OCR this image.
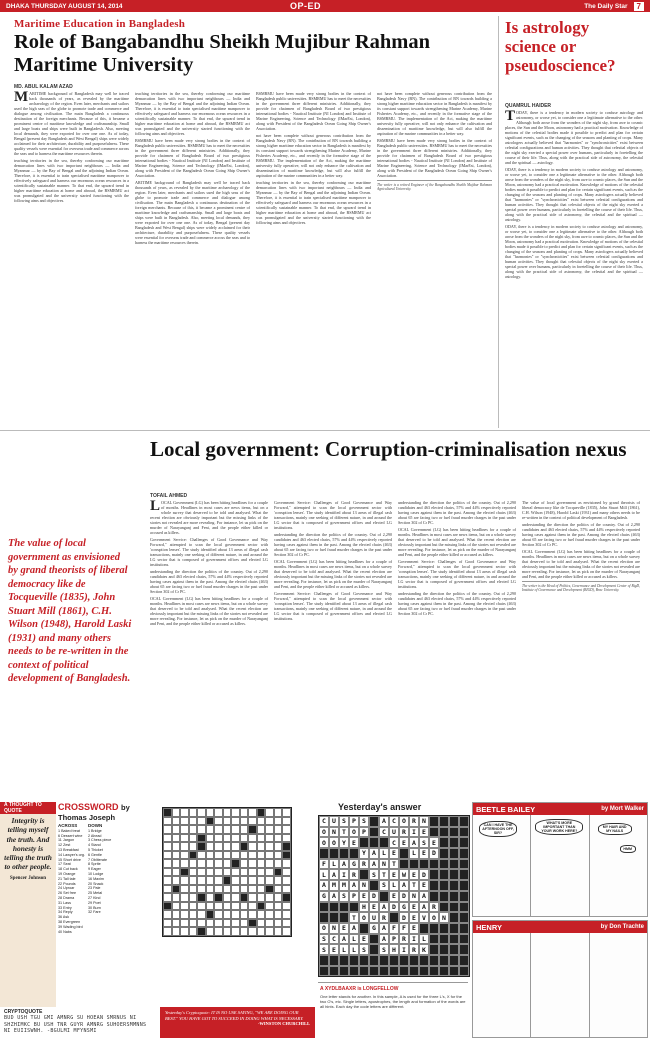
DHAKA THURSDAY AUGUST 14, 2014	OP-ED	The Daily Star	7
Maritime Education in Bangladesh
Role of Bangabandhu Sheikh Mujibur Rahman Maritime University
MD. ABUL KALAM AZAD
MARITIME background of Bangladesh may well be traced back thousands of years, as revealed by the maritime archaeology of the region. Even later, merchants and sailors used the high seas of the globe to promote trade and commerce and dialogue among civilisation. The main Bangladesh a continuous destination of the foreign merchants. Because of this, it became a prominent centre of maritime knowledge and craftsmanship. Small and large boats and ships were built in Bangladesh. Also, meeting local demands, they were exported for over one one. As of today, Bengal (present day Bangladesh and West Bengal) ships were widely acclaimed for their architecture, durability and purposefulness. These quality vessels were essential for overseas trade and commerce across the seas and to harness the maritime resources therein.

teaching territories in the sea, thereby conforming our maritime demarcation lines with two important neighbours — India and Myanmar — by the Bay of Bengal and the adjoining Indian Ocean. Therefore, it is essential to train specialised maritime manpower to effectively safeguard and harness our enormous ocean resources in a scientifically sustainable manner. To that end, the upward trend in higher maritime education at home and abroad, the BSMRMU act was promulgated and the university started functioning with the following aims and objectives.

teaching territories in the sea, thereby conforming our maritime demarcation lines with two important neighbours — India and Myanmar — by the Bay of Bengal and the adjoining Indian Ocean. Therefore, it is essential to train specialised maritime manpower to effectively safeguard and harness our enormous ocean resources in a scientifically sustainable manner. To that end, the upward trend in higher maritime education at home and abroad, the BSMRMU act was promulgated and the university started functioning with the following aims and objectives.

BSMRMU have been made very strong bodies in the context of Bangladesh public universities. BSMRMU has to meet the necessities in the government three different ministries. Additionally, they provide for chairmen of Bangladesh Board of two prestigious international bodies - Nautical Institute (NI London) and Institute of Marine Engineering, Science and Technology (IMarEst, London), along with President of the Bangladesh Ocean Going Ship Owner's Association.

ARITIME background of Bangladesh may well be traced back thousands of years, as revealed by the maritime archaeology of the region. Even later, merchants and sailors used the high seas of the globe to promote trade and commerce and dialogue among civilisation. The main Bangladesh a continuous destination of the foreign merchants. Because of this, it became a prominent centre of maritime knowledge and craftsmanship. Small and large boats and ships were built in Bangladesh. Also, meeting local demands, they were exported for over one one. As of today, Bengal (present day Bangladesh and West Bengal) ships were widely acclaimed for their architecture, durability and purposefulness. These quality vessels were essential for overseas trade and commerce across the seas and to harness the maritime resources therein.

BSMRMU have been made very strong bodies in the context of Bangladesh public universities. BSMRMU has to meet the necessities in the government three different ministries. Additionally, they provide for chairmen of Bangladesh Board of two prestigious international bodies - Nautical Institute (NI London) and Institute of Marine Engineering, Science and Technology (IMarEst, London), along with President of the Bangladesh Ocean Going Ship Owner's Association.

not have been complete without generous contribution from the Bangladesh Navy (BN). The contribution of BN towards building a strong higher maritime education sector in Bangladesh is manifest by its constant support towards strengthening Marine Academy, Marine Fisheries Academy, etc., and recently in the formative stage of the BSMRMU. The implementation of the Act, making the maritime university fully operative, will not only enhance the cultivation and dissemination of maritime knowledge, but will also fulfill the aspiration of the marine communities in a better way.

teaching territories in the sea, thereby conforming our maritime demarcation lines with two important neighbours — India and Myanmar — by the Bay of Bengal and the adjoining Indian Ocean. Therefore, it is essential to train specialised maritime manpower to effectively safeguard and harness our enormous ocean resources in a scientifically sustainable manner. To that end, the upward trend in higher maritime education at home and abroad, the BSMRMU act was promulgated and the university started functioning with the following aims and objectives.

not have been complete without generous contribution from the Bangladesh Navy (BN). The contribution of BN towards building a strong higher maritime education sector in Bangladesh is manifest by its constant support towards strengthening Marine Academy, Marine Fisheries Academy, etc., and recently in the formative stage of the BSMRMU. The implementation of the Act, making the maritime university fully operative, will not only enhance the cultivation and dissemination of maritime knowledge, but will also fulfill the aspiration of the marine communities in a better way.

BSMRMU have been made very strong bodies in the context of Bangladesh public universities. BSMRMU has to meet the necessities in the government three different ministries. Additionally, they provide for chairmen of Bangladesh Board of two prestigious international bodies - Nautical Institute (NI London) and Institute of Marine Engineering, Science and Technology (IMarEst, London), along with President of the Bangladesh Ocean Going Ship Owner's Association.

The writer is a retired Engineer of the Bangabandhu Sheikh Mujibur Rahman Agricultural University.
Is astrology science or pseudoscience?
QUAMRUL HAIDER
TODAY, there is a tendency in modern society to confuse astrology and astronomy, or worse yet, to consider one a legitimate alternative to the other. Although both arose from the wonders of the night sky, from awe to cosmic places, the Sun and the Moon, astronomy had a practical motivation. Knowledge of motions of the celestial bodies made it possible to predict and plan for certain significant events, such as the changing of the seasons and planting of crops. Many astrologers actually believed that "harmonies" or "synchronicities" exist between celestial configurations and human activities. They thought that celestial objects of the night sky exerted a special power over humans, particularly in foretelling the course of their life. Thus, along with the practical side of astronomy, the celestial and the spiritual — astrology.

ODAY, there is a tendency in modern society to confuse astrology and astronomy, or worse yet, to consider one a legitimate alternative to the other. Although both arose from the wonders of the night sky, from awe to cosmic places, the Sun and the Moon, astronomy had a practical motivation. Knowledge of motions of the celestial bodies made it possible to predict and plan for certain significant events, such as the changing of the seasons and planting of crops. Many astrologers actually believed that "harmonies" or "synchronicities" exist between celestial configurations and human activities. They thought that celestial objects of the night sky exerted a special power over humans, particularly in foretelling the course of their life. Thus, along with the practical side of astronomy, the celestial and the spiritual — astrology.

ODAY, there is a tendency in modern society to confuse astrology and astronomy, or worse yet, to consider one a legitimate alternative to the other. Although both arose from the wonders of the night sky, from awe to cosmic places, the Sun and the Moon, astronomy had a practical motivation. Knowledge of motions of the celestial bodies made it possible to predict and plan for certain significant events, such as the changing of the seasons and planting of crops. Many astrologers actually believed that "harmonies" or "synchronicities" exist between celestial configurations and human activities. They thought that celestial objects of the night sky exerted a special power over humans, particularly in foretelling the course of their life. Thus, along with the practical side of astronomy, the celestial and the spiritual — astrology.

Local government: Corruption-criminalisation nexus
The value of local government as envisioned by grand theorists of liberal democracy like de Tocqueville (1835), John Stuart Mill (1861), C.H. Wilson (1948), Harold Laski (1931) and many others needs to be re-written in the context of political development of Bangladesh.
TOFAIL AHMED
LOCAL Government (LG) has been hitting headlines for a couple of months. Headlines in most cases are news items, but on a whole survey that deserved to be told and analysed. What the recent election are obviously important but the missing links of the stories not revealed are more revealing. For instance, let us pick on the murder of Narayanganj and Feni, and the people either killed or accused as killers.

Government Service: Challenges of Good Governance and Way Forward," attempted to scan the local government sector with 'corruption lenses'. The study identified about 13 areas of illegal cash transactions, mainly one seeking of different nature, in and around the LG sector that is composed of government offices and elected LG institutions.

understanding the direction the politics of the country. Out of 2,290 candidates and 463 elected chairs, 57% and 44% respectively reported having cases against them in the past. Among the elected chairs (463) about 65 are facing two or fuel fraud murder charges in the past under Section 302 of Cr PC.

OCAL Government (LG) has been hitting headlines for a couple of months. Headlines in most cases are news items, but on a whole survey that deserved to be told and analysed. What the recent election are obviously important but the missing links of the stories not revealed are more revealing. For instance, let us pick on the murder of Narayanganj and Feni, and the people either killed or accused as killers.

Government Service: Challenges of Good Governance and Way Forward," attempted to scan the local government sector with 'corruption lenses'. The study identified about 13 areas of illegal cash transactions, mainly one seeking of different nature, in and around the LG sector that is composed of government offices and elected LG institutions.

understanding the direction the politics of the country. Out of 2,290 candidates and 463 elected chairs, 57% and 44% respectively reported having cases against them in the past. Among the elected chairs (463) about 65 are facing two or fuel fraud murder charges in the past under Section 302 of Cr PC.

OCAL Government (LG) has been hitting headlines for a couple of months. Headlines in most cases are news items, but on a whole survey that deserved to be told and analysed. What the recent election are obviously important but the missing links of the stories not revealed are more revealing. For instance, let us pick on the murder of Narayanganj and Feni, and the people either killed or accused as killers.

Government Service: Challenges of Good Governance and Way Forward," attempted to scan the local government sector with 'corruption lenses'. The study identified about 13 areas of illegal cash transactions, mainly one seeking of different nature, in and around the LG sector that is composed of government offices and elected LG institutions.

understanding the direction the politics of the country. Out of 2,290 candidates and 463 elected chairs, 57% and 44% respectively reported having cases against them in the past. Among the elected chairs (463) about 65 are facing two or fuel fraud murder charges in the past under Section 302 of Cr PC.

OCAL Government (LG) has been hitting headlines for a couple of months. Headlines in most cases are news items, but on a whole survey that deserved to be told and analysed. What the recent election are obviously important but the missing links of the stories not revealed are more revealing. For instance, let us pick on the murder of Narayanganj and Feni, and the people either killed or accused as killers.

Government Service: Challenges of Good Governance and Way Forward," attempted to scan the local government sector with 'corruption lenses'. The study identified about 13 areas of illegal cash transactions, mainly one seeking of different nature, in and around the LG sector that is composed of government offices and elected LG institutions.

understanding the direction the politics of the country. Out of 2,290 candidates and 463 elected chairs, 57% and 44% respectively reported having cases against them in the past. Among the elected chairs (463) about 65 are facing two or fuel fraud murder charges in the past under Section 302 of Cr PC.

The value of local government as envisioned by grand theorists of liberal democracy like de Tocqueville (1835), John Stuart Mill (1861), C.H. Wilson (1948), Harold Laski (1931) and many others needs to be re-written in the context of political development of Bangladesh.

understanding the direction the politics of the country. Out of 2,290 candidates and 463 elected chairs, 57% and 44% respectively reported having cases against them in the past. Among the elected chairs (463) about 65 are facing two or fuel fraud murder charges in the past under Section 302 of Cr PC.

OCAL Government (LG) has been hitting headlines for a couple of months. Headlines in most cases are news items, but on a whole survey that deserved to be told and analysed. What the recent election are obviously important but the missing links of the stories not revealed are more revealing. For instance, let us pick on the murder of Narayanganj and Feni, and the people either killed or accused as killers.

The writer is the Head of Politics, Governance and Development Center of BigD, Institute of Governance and Development (BIGD), Brac University.
A THOUGHT TO QUOTE
Integrity is telling myself the truth. And honesty is telling the truth to other people.
Spencer Johnson
CROSSWORD by Thomas Joseph
ACROSS
1 Baked treat
6 Dessert wine
11 Jargon
12 Zest
13 Breakfast
14 Lawyer's org.
15 Short drive
17 Seat
18 Cut back
19 Orange
21 Tall tale
22 Pounds
24 Uproar
26 Set free
28 Drama
31 Lass
33 Entry
34 Reply
36 Ask
38 Evergreen
39 Wading bird
40 Nabs
DOWN
1 Bridge
2 Ahead
3 Chess piece
4 Stand
5 Thicket
6 Gentle
7 Obliterate
8 Sprite
9 Eager
10 Lodge
16 Maxim
20 Snack
23 Pale
25 Metal
27 Kind
29 Poet
30 Burn
32 Fare
Yesterday's answer
C U S P S	A C O R N
O N T O P	C U R I E
O O Y E	C E A S E
Y A L E	L E D
F L A G R A N T
L A I R	S T E W E D
A M M A N	S L A T E
G A S P E D	E D N A
H E A D G E A R
T O U R	D E V O N
O N E A	G A F F E
S C A L E	A P R I L
S E L L S	S H I R K
A XYDLBAAXR is LONGFELLOW
One letter stands for another. In this sample, A is used for the three L's, X for the two O's, etc. Single letters, apostrophes, the length and formation of the words are all hints. Each day the code letters are different.
BEETLE BAILEY	by Mort Walker
CAN I HAVE THE AFTERNOON OFF, SIR?
WHAT'S MORE IMPORTANT THAN YOUR WORK HERE?
MY HAIR AND MY NAILS
HMM
HENRY	by Don Trachte
CRYPTOQUOTE
BUD USH TGU GMI AMNRG SU HOEAN SMRNUS NI SHZHIMKC BU USH TNR GUYR AMNRG SUHOERSMMNNS NI EUIISWNH. -BGULMI MFYNSMI
Yesterday's Cryptoquote: IT IS NO USE SAYING, "WE ARE DOING OUR BEST." YOU HAVE GOT TO SUCCEED IN DOING WHAT IS NECESSARY.
-WINSTON CHURCHILL
